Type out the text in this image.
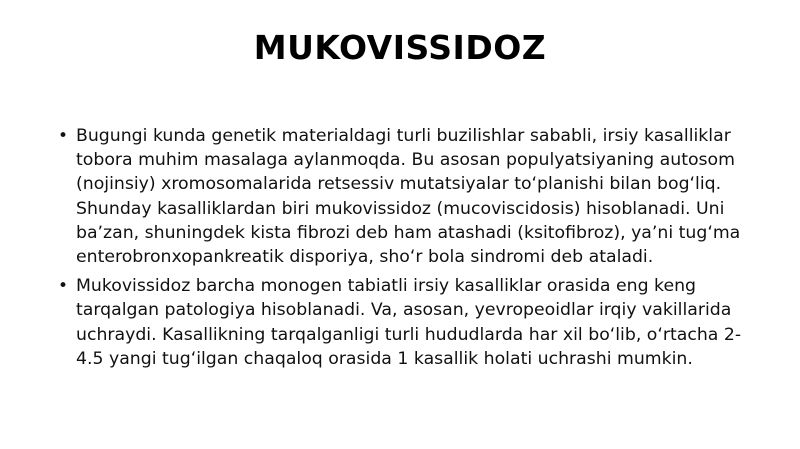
MUKOVISSIDOZ
• Bugungi kunda genetik materialdagi turli buzilishlar sababli, irsiy kasalliklar tobora muhim masalaga aylanmoqda. Bu asosan populyatsiyaning autosom (nojinsiy) xromosomalarida retsessiv mutatsiyalar toʻplanishi bilan bogʻliq. Shunday kasalliklardan biri mukovissidoz (mucoviscidosis) hisoblanadi. Uni baʼzan, shuningdek kista fibrozi deb ham atashadi (ksitofibroz), yaʼni tugʻma enterobronxopankreatik disporiya, shoʻr bola sindromi deb ataladi.
• Mukovissidoz barcha monogen tabiatli irsiy kasalliklar orasida eng keng tarqalgan patologiya hisoblanadi. Va, asosan, yevropeoidlar irqiy vakillarida uchraydi. Kasallikning tarqalganligi turli hududlarda har xil boʻlib, oʻrtacha 2- 4.5 yangi tugʻilgan chaqaloq orasida 1 kasallik holati uchrashi mumkin.
